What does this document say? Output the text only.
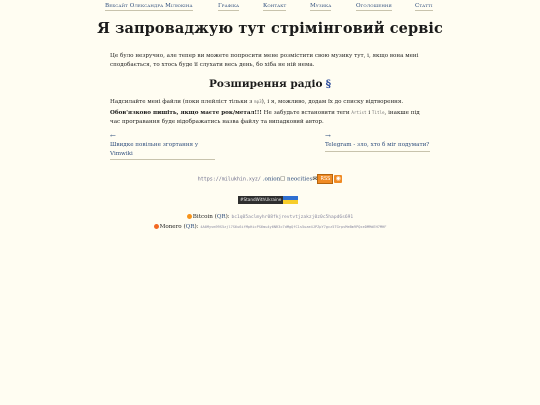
Вебсайт Олександра Мілюкіна	Графіка	Контакт	Музика	Оголошення	Статті
Я запроваджую тут стрімінговий сервіс

Це було незручно, але тепер ви можете попросити мене розмістити свою музику тут, і, якщо вона мені сподобається, то хтось буде її слухати весь день, бо хіба не ній нема.

Розширення радіо §

Надсилайте мені файли (поки плейліст тільки з mp3), і я, можливо, додам їх до списку відтворення. Обов'язково пишіть, якщо маєте рок/метал!!! Не забудьте встановити теги Artist і Title, інакше під час програвання буде відображатись назва файлу та випадковий автор.

←
Швидкe повільне згортання у Vimwiki
→
Telegram - зло, хто б міг подумати?
https://milukhin.xyz/ .onion☐ neocities✉ RSS ◉
#StandWithUkraine
Bitcoin (QR): bc1q05aclmyhr08fkjrevtvtjzakzj0z0c5hapd6s691
Monero (QR): 4A6Myvm99S5zjl7S6u6ifMpHicPS6mu4y6NR3c7dMgQfC1s5uae4JPZpY7gcz5TGrpvMeBm9PQxeDMMdEH7MHF
